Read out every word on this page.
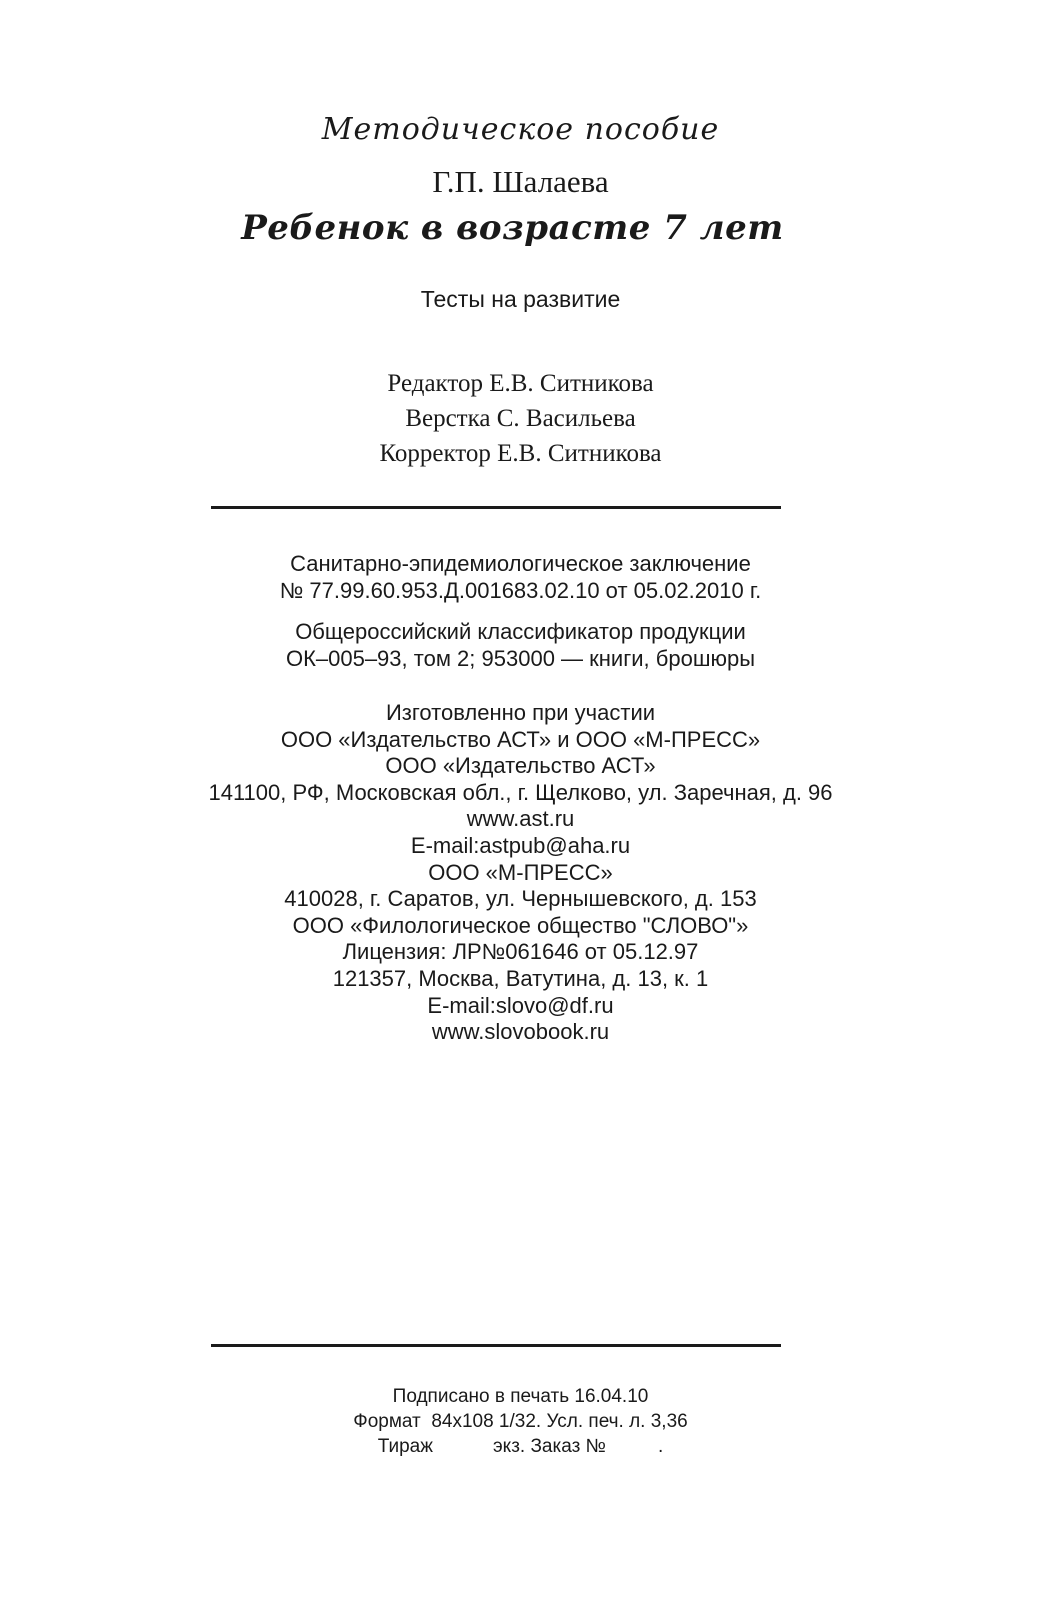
Методическое пособие
Г.П. Шалаева
Ребенок в возрасте 7 лет
Тесты на развитие
Редактор Е.В. Ситникова
Верстка С. Васильева
Корректор Е.В. Ситникова
Санитарно-эпидемиологическое заключение
№ 77.99.60.953.Д.001683.02.10 от 05.02.2010 г.
Общероссийский классификатор продукции
ОК–005–93, том 2; 953000 — книги, брошюры
Изготовленно при участии
ООО «Издательство АСТ» и ООО «М-ПРЕСС»
ООО «Издательство АСТ»
141100, РФ, Московская обл., г. Щелково, ул. Заречная, д. 96
www.ast.ru
E-mail:astpub@aha.ru
ООО «М-ПРЕСС»
410028, г. Саратов, ул. Чернышевского, д. 153
ООО «Филологическое общество "СЛОВО"»
Лицензия: ЛР№061646 от 05.12.97
121357, Москва, Ватутина, д. 13, к. 1
E-mail:slovo@df.ru
www.slovobook.ru
Подписано в печать 16.04.10
Формат  84x108 1/32. Усл. печ. л. 3,36
Тираж	экз. Заказ №	.
